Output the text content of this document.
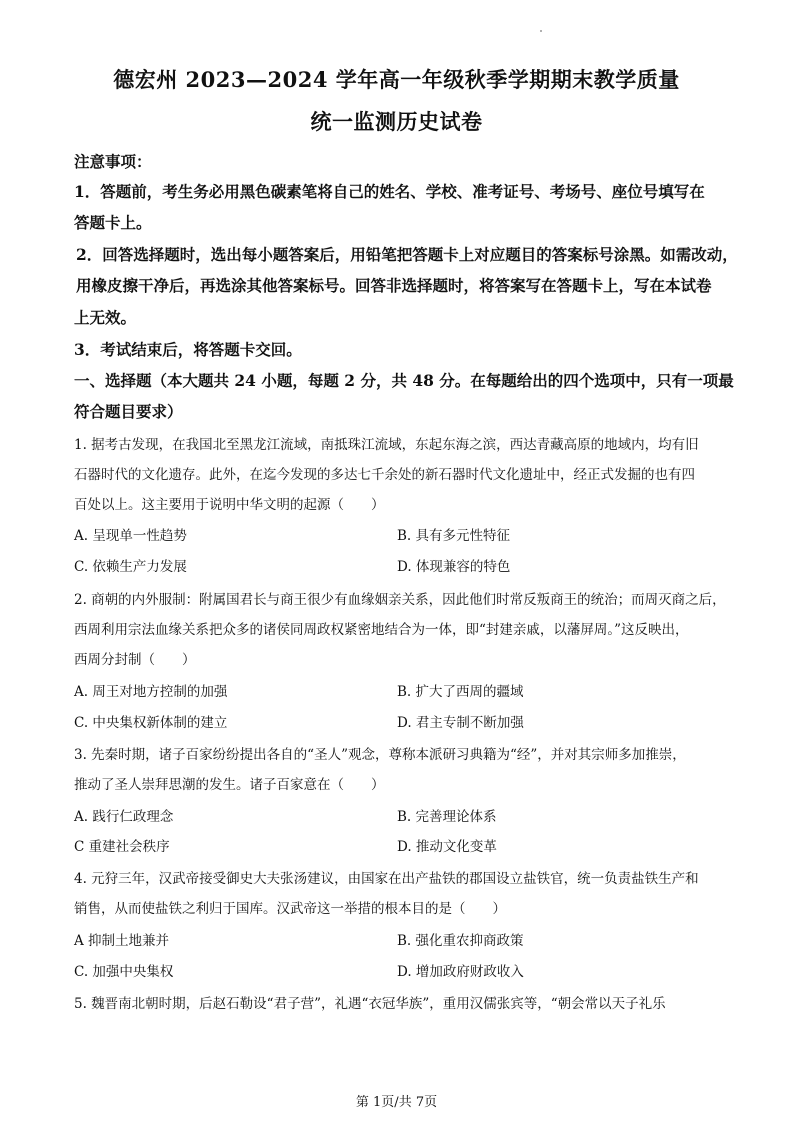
德宏州 2023—2024 学年高一年级秋季学期期末教学质量
统一监测历史试卷
注意事项：
1．答题前，考生务必用黑色碳素笔将自己的姓名、学校、准考证号、考场号、座位号填写在
答题卡上。
2．回答选择题时，选出每小题答案后，用铅笔把答题卡上对应题目的答案标号涂黑。如需改动，
用橡皮擦干净后，再选涂其他答案标号。回答非选择题时，将答案写在答题卡上，写在本试卷
上无效。
3．考试结束后，将答题卡交回。
一、选择题（本大题共 24 小题，每题 2 分，共 48 分。在每题给出的四个选项中，只有一项最
符合题目要求）
1. 据考古发现，在我国北至黑龙江流域，南抵珠江流域，东起东海之滨，西达青藏高原的地域内，均有旧
石器时代的文化遗存。此外，在迄今发现的多达七千余处的新石器时代文化遗址中，经正式发掘的也有四
百处以上。这主要用于说明中华文明的起源（　　）
A. 呈现单一性趋势	B. 具有多元性特征
C. 依赖生产力发展	D. 体现兼容的特色
2. 商朝的内外服制：附属国君长与商王很少有血缘姻亲关系，因此他们时常反叛商王的统治；而周灭商之后，
西周利用宗法血缘关系把众多的诸侯同周政权紧密地结合为一体，即“封建亲戚，以藩屏周。”这反映出，
西周分封制（　　）
A. 周王对地方控制的加强	B. 扩大了西周的疆域
C. 中央集权新体制的建立	D. 君主专制不断加强
3. 先秦时期，诸子百家纷纷提出各自的“圣人”观念，尊称本派研习典籍为“经”，并对其宗师多加推崇，
推动了圣人崇拜思潮的发生。诸子百家意在（　　）
A. 践行仁政理念	B. 完善理论体系
C 重建社会秩序	D. 推动文化变革
4. 元狩三年，汉武帝接受御史大夫张汤建议，由国家在出产盐铁的郡国设立盐铁官，统一负责盐铁生产和
销售，从而使盐铁之利归于国库。汉武帝这一举措的根本目的是（　　）
A 抑制土地兼并	B. 强化重农抑商政策
C. 加强中央集权	D. 增加政府财政收入
5. 魏晋南北朝时期，后赵石勒设“君子营”，礼遇“衣冠华族”，重用汉儒张宾等，“朝会常以天子礼乐
第 1页/共 7页
